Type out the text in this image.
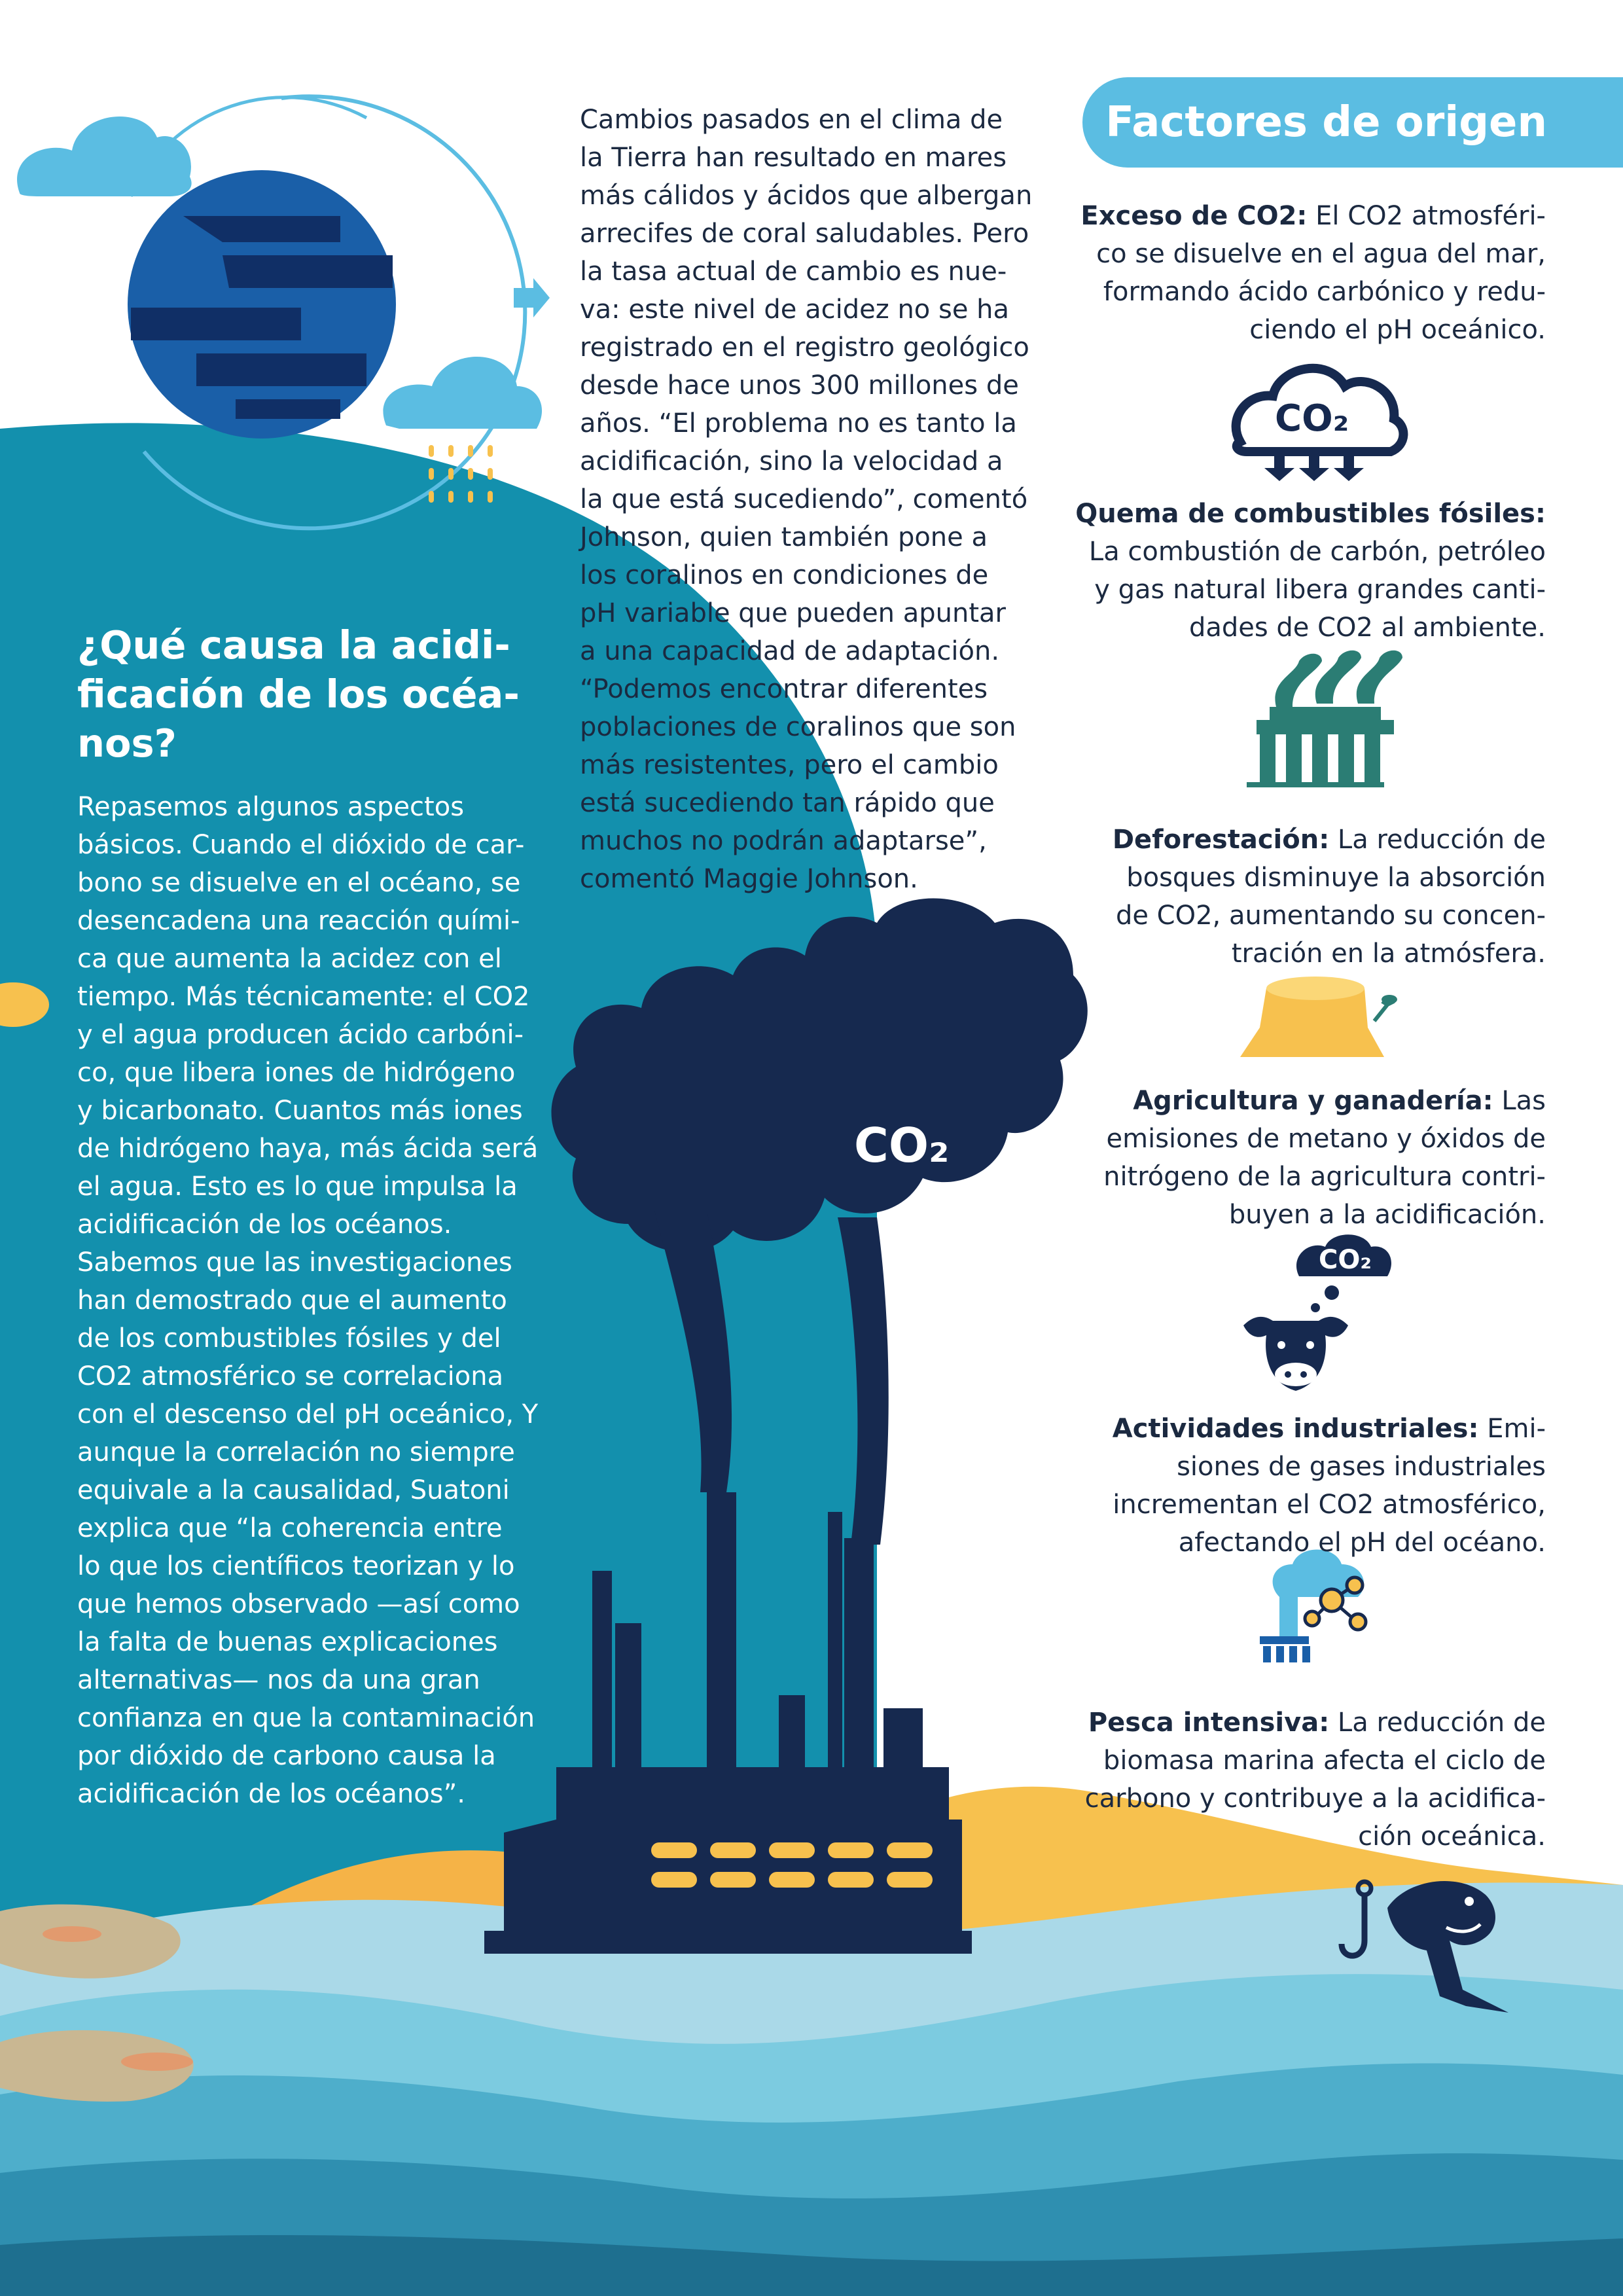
CO₂
CO₂
CO₂

Cambios pasados en el clima de
la Tierra han resultado en mares
más cálidos y ácidos que albergan
arrecifes de coral saludables. Pero
la tasa actual de cambio es nue-
va: este nivel de acidez no se ha
registrado en el registro geológico
desde hace unos 300 millones de
años. “El problema no es tanto la
acidificación, sino la velocidad a
la que está sucediendo”, comentó
Johnson, quien también pone a
los coralinos en condiciones de
pH variable que pueden apuntar
a una capacidad de adaptación.
“Podemos encontrar diferentes
poblaciones de coralinos que son
más resistentes, pero el cambio
está sucediendo tan rápido que
muchos no podrán adaptarse”,
comentó Maggie Johnson.

¿Qué causa la acidi-
ficación de los océa-
nos?

Repasemos algunos aspectos
básicos. Cuando el dióxido de car-
bono se disuelve en el océano, se
desencadena una reacción quími-
ca que aumenta la acidez con el
tiempo. Más técnicamente: el CO2
y el agua producen ácido carbóni-
co, que libera iones de hidrógeno
y bicarbonato. Cuantos más iones
de hidrógeno haya, más ácida será
el agua. Esto es lo que impulsa la
acidificación de los océanos.
Sabemos que las investigaciones
han demostrado que el aumento
de los combustibles fósiles y del
CO2 atmosférico se correlaciona
con el descenso del pH oceánico, Y
aunque la correlación no siempre
equivale a la causalidad, Suatoni
explica que “la coherencia entre
lo que los científicos teorizan y lo
que hemos observado —así como
la falta de buenas explicaciones
alternativas— nos da una gran
confianza en que la contaminación
por dióxido de carbono causa la
acidificación de los océanos”.

Factores de origen

Exceso de CO2: El CO2 atmosféri-
co se disuelve en el agua del mar,
formando ácido carbónico y redu-
ciendo el pH oceánico.

Quema de combustibles fósiles:
La combustión de carbón, petróleo
y gas natural libera grandes canti-
dades de CO2 al ambiente.

Deforestación: La reducción de
bosques disminuye la absorción
de CO2, aumentando su concen-
tración en la atmósfera.

Agricultura y ganadería: Las
emisiones de metano y óxidos de
nitrógeno de la agricultura contri-
buyen a la acidificación.

Actividades industriales: Emi-
siones de gases industriales
incrementan el CO2 atmosférico,
afectando el pH del océano.

Pesca intensiva: La reducción de
biomasa marina afecta el ciclo de
carbono y contribuye a la acidifica-
ción oceánica.
